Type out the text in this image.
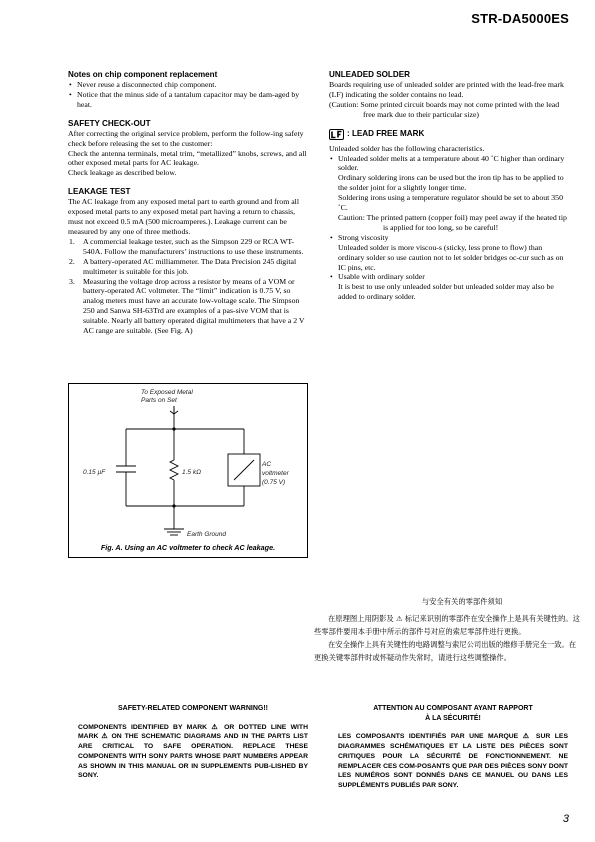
STR-DA5000ES
Notes on chip component replacement
• Never reuse a disconnected chip component.
• Notice that the minus side of a tantalum capacitor may be dam-aged by heat.
SAFETY CHECK-OUT
After correcting the original service problem, perform the follow-ing safety check before releasing the set to the customer:
Check the antenna terminals, metal trim, “metallized” knobs, screws, and all other exposed metal parts for AC leakage.
Check leakage as described below.
LEAKAGE TEST
The AC leakage from any exposed metal part to earth ground and from all exposed metal parts to any exposed metal part having a return to chassis, must not exceed 0.5 mA (500 microamperes.). Leakage current can be measured by any one of three methods.
1. A commercial leakage tester, such as the Simpson 229 or RCA WT-540A. Follow the manufacturers’ instructions to use these instruments.
2. A battery-operated AC milliammeter. The Data Precision 245 digital multimeter is suitable for this job.
3. Measuring the voltage drop across a resistor by means of a VOM or battery-operated AC voltmeter. The “limit” indication is 0.75 V, so analog meters must have an accurate low-voltage scale. The Simpson 250 and Sanwa SH-63Trd are examples of a pas-sive VOM that is suitable. Nearly all battery operated digital multimeters that have a 2 V AC range are suitable. (See Fig. A)
To Exposed Metal
Parts on Set
0.15 µF	1.5 kΩ
AC
voltmeter
(0.75 V)
Earth Ground
Fig. A. Using an AC voltmeter to check AC leakage.
UNLEADED SOLDER
Boards requiring use of unleaded solder are printed with the lead-free mark (LF) indicating the solder contains no lead.
(Caution: Some printed circuit boards may not come printed with the lead free mark due to their particular size)
: LEAD FREE MARK
Unleaded solder has the following characteristics.
• Unleaded solder melts at a temperature about 40 ˚C higher than ordinary solder.
Ordinary soldering irons can be used but the iron tip has to be applied to the solder joint for a slightly longer time.
Soldering irons using a temperature regulator should be set to about 350 ˚C.
Caution: The printed pattern (copper foil) may peel away if the heated tip is applied for too long, so be careful!
• Strong viscosity
Unleaded solder is more viscou-s (sticky, less prone to flow) than ordinary solder so use caution not to let solder bridges oc-cur such as on IC pins, etc.
• Usable with ordinary solder
It is best to use only unleaded solder but unleaded solder may also be added to ordinary solder.
与安全有关的零部件须知

在原理图上用阴影及 ⚠ 标记来识别的零部件在安全操作上是具有关键性的。这些零部件要用本手册中所示的部件号对应的索尼零部件进行更换。

在安全操作上具有关键性的电路调整与索尼公司出版的维修手册完全一致。在更换关键零部件时或怀疑动作失常时，请进行这些调整操作。

SAFETY-RELATED COMPONENT WARNING!!
COMPONENTS IDENTIFIED BY MARK ⚠ OR DOTTED LINE WITH MARK ⚠ ON THE SCHEMATIC DIAGRAMS AND IN THE PARTS LIST ARE CRITICAL TO SAFE OPERATION. REPLACE THESE COMPONENTS WITH SONY PARTS WHOSE PART NUMBERS APPEAR AS SHOWN IN THIS MANUAL OR IN SUPPLEMENTS PUB-LISHED BY SONY.
ATTENTION AU COMPOSANT AYANT RAPPORT
À LA SÉCURITÉ!
LES COMPOSANTS IDENTIFIÉS PAR UNE MARQUE ⚠ SUR LES DIAGRAMMES SCHÉMATIQUES ET LA LISTE DES PIÈCES SONT CRITIQUES POUR LA SÉCURITÉ DE FONCTIONNEMENT. NE REMPLACER CES COM-POSANTS QUE PAR DES PIÈCES SONY DONT LES NUMÉROS SONT DONNÉS DANS CE MANUEL OU DANS LES SUPPLÉMENTS PUBLIÉS PAR SONY.
3
